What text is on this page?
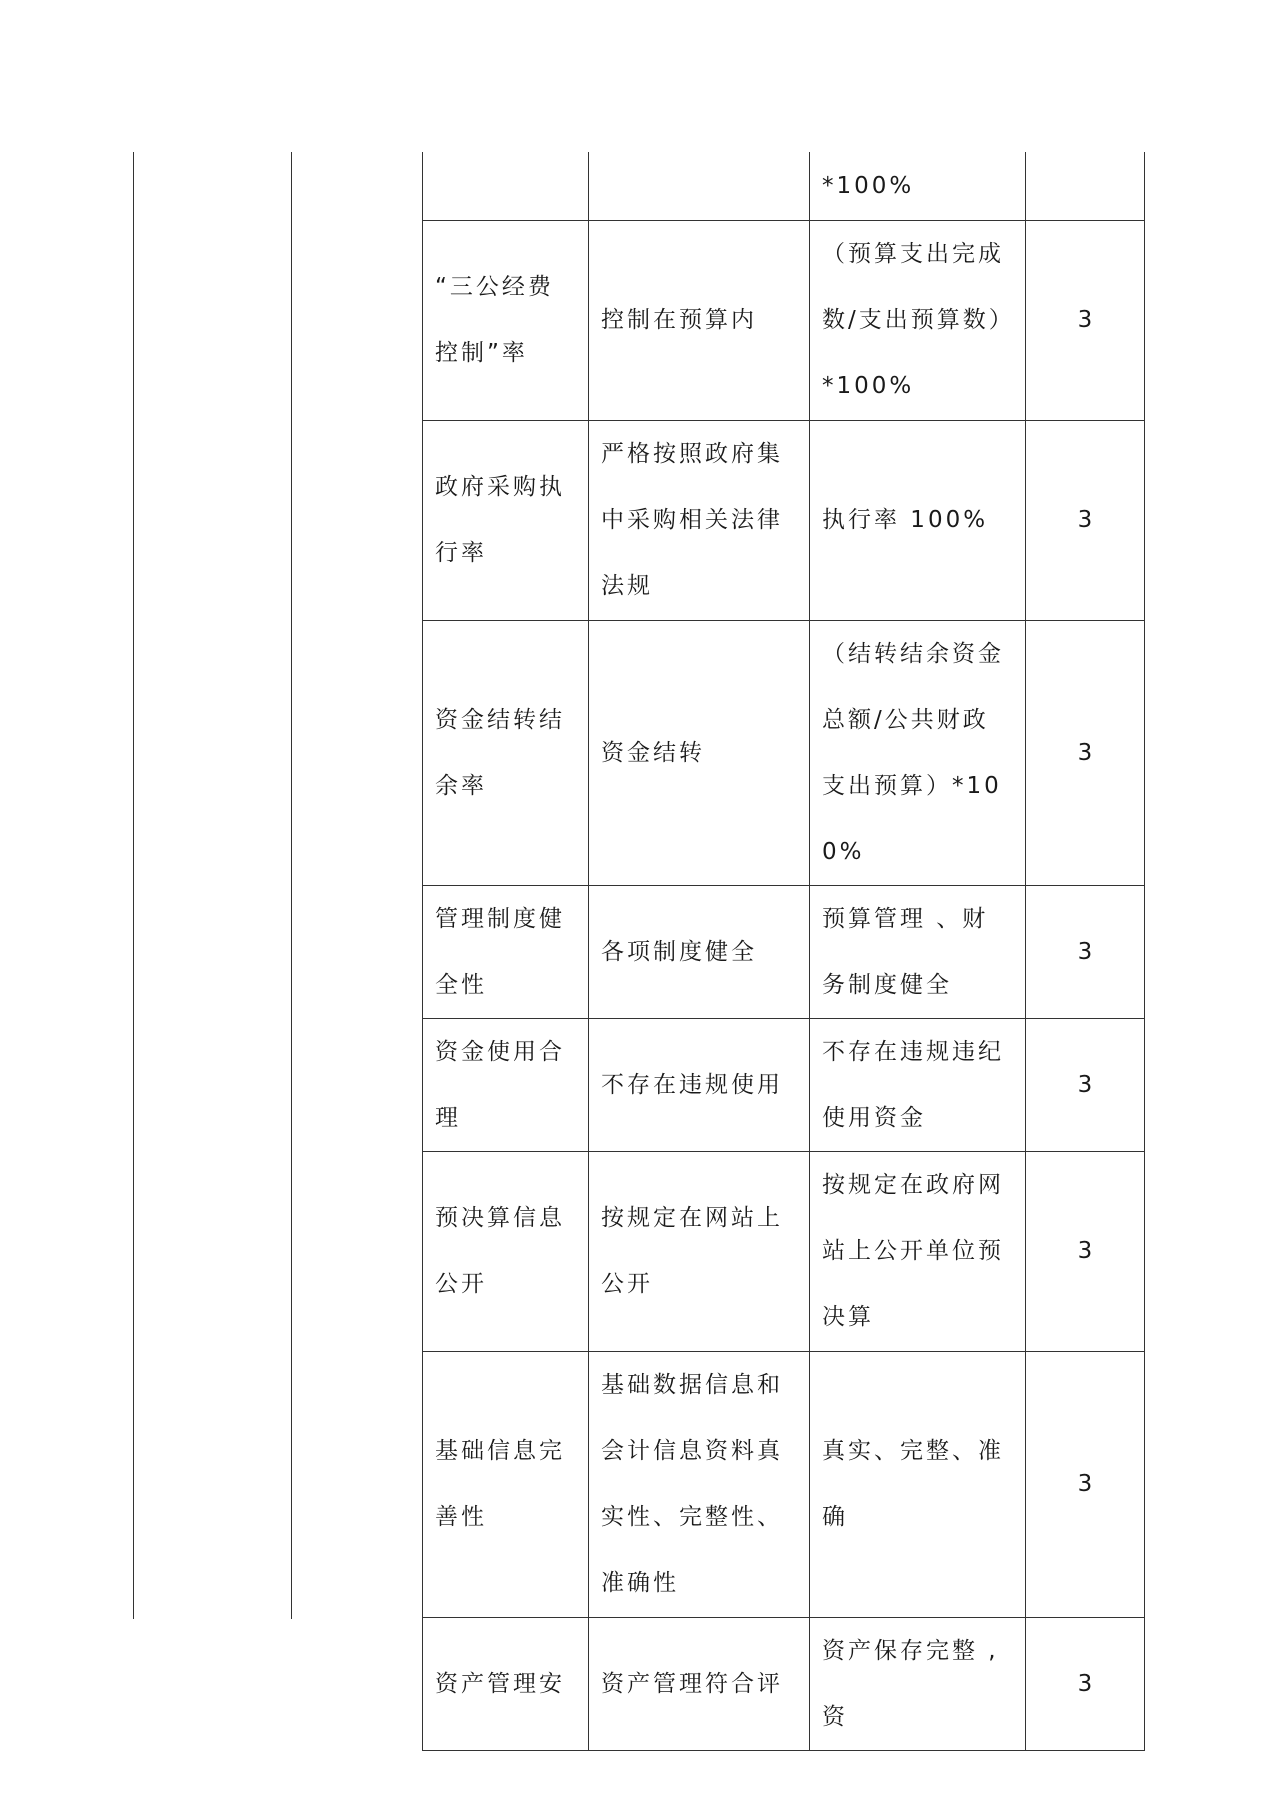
		*100%	
“三公经费控制”率	控制在预算内	（预算支出完成数/支出预算数）*100%	3
政府采购执行率	严格按照政府集中采购相关法律法规	执行率 100%	3
资金结转结余率	资金结转	（结转结余资金总额/公共财政支出预算）*100%	3
管理制度健全性	各项制度健全	预算管理 、财务制度健全	3
资金使用合理	不存在违规使用	不存在违规违纪使用资金	3
预决算信息公开	按规定在网站上公开	按规定在政府网站上公开单位预决算	3
基础信息完善性	基础数据信息和会计信息资料真实性、完整性、准确性	真实、完整、准确	3
资产管理安	资产管理符合评	资产保存完整 ,资	3
